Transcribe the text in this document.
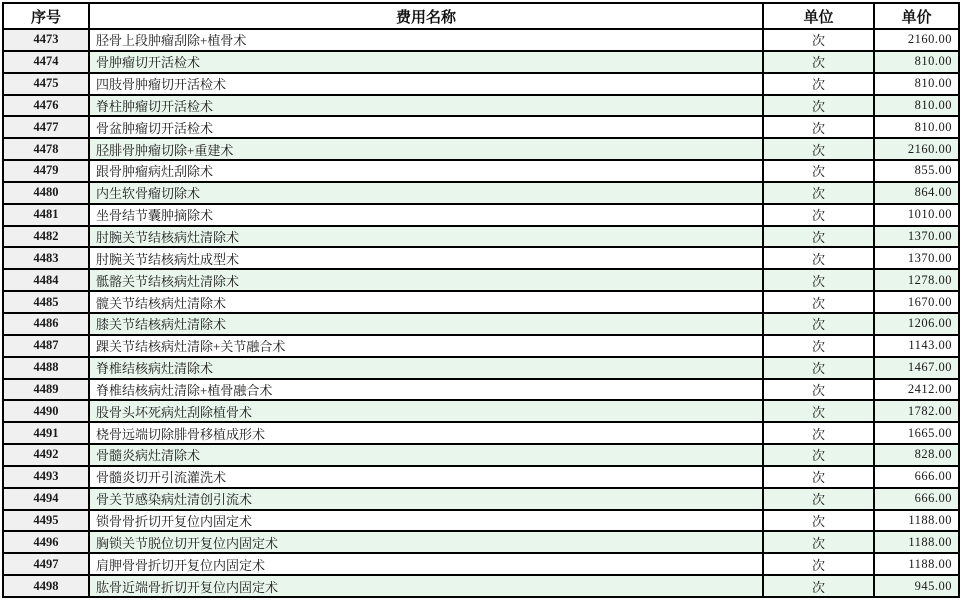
序号	费用名称	单位	单价
4473	胫骨上段肿瘤刮除+植骨术	次	2160.00
4474	骨肿瘤切开活检术	次	810.00
4475	四肢骨肿瘤切开活检术	次	810.00
4476	脊柱肿瘤切开活检术	次	810.00
4477	骨盆肿瘤切开活检术	次	810.00
4478	胫腓骨肿瘤切除+重建术	次	2160.00
4479	跟骨肿瘤病灶刮除术	次	855.00
4480	内生软骨瘤切除术	次	864.00
4481	坐骨结节囊肿摘除术	次	1010.00
4482	肘腕关节结核病灶清除术	次	1370.00
4483	肘腕关节结核病灶成型术	次	1370.00
4484	骶髂关节结核病灶清除术	次	1278.00
4485	髋关节结核病灶清除术	次	1670.00
4486	膝关节结核病灶清除术	次	1206.00
4487	踝关节结核病灶清除+关节融合术	次	1143.00
4488	脊椎结核病灶清除术	次	1467.00
4489	脊椎结核病灶清除+植骨融合术	次	2412.00
4490	股骨头坏死病灶刮除植骨术	次	1782.00
4491	桡骨远端切除腓骨移植成形术	次	1665.00
4492	骨髓炎病灶清除术	次	828.00
4493	骨髓炎切开引流灌洗术	次	666.00
4494	骨关节感染病灶清创引流术	次	666.00
4495	锁骨骨折切开复位内固定术	次	1188.00
4496	胸锁关节脱位切开复位内固定术	次	1188.00
4497	肩胛骨骨折切开复位内固定术	次	1188.00
4498	肱骨近端骨折切开复位内固定术	次	945.00
